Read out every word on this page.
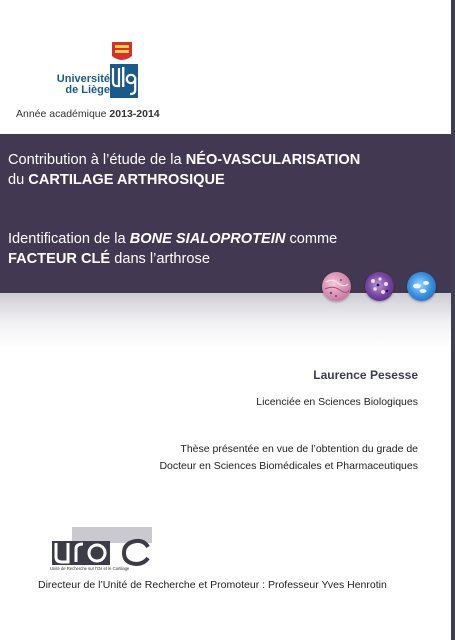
Université
de Liège
Année académique 2013-2014
Contribution à l’étude de la NÉO-VASCULARISATION
du CARTILAGE ARTHROSIQUE
Identification de la BONE SIALOPROTEIN comme
FACTEUR CLÉ dans l’arthrose
Laurence Pesesse
Licenciée en Sciences Biologiques
Thèse présentée en vue de l’obtention du grade de
Docteur en Sciences Biomédicales et Pharmaceutiques
Unité de Recherche sur l’Os et le Cartilage
Directeur de l’Unité de Recherche et Promoteur : Professeur Yves Henrotin
